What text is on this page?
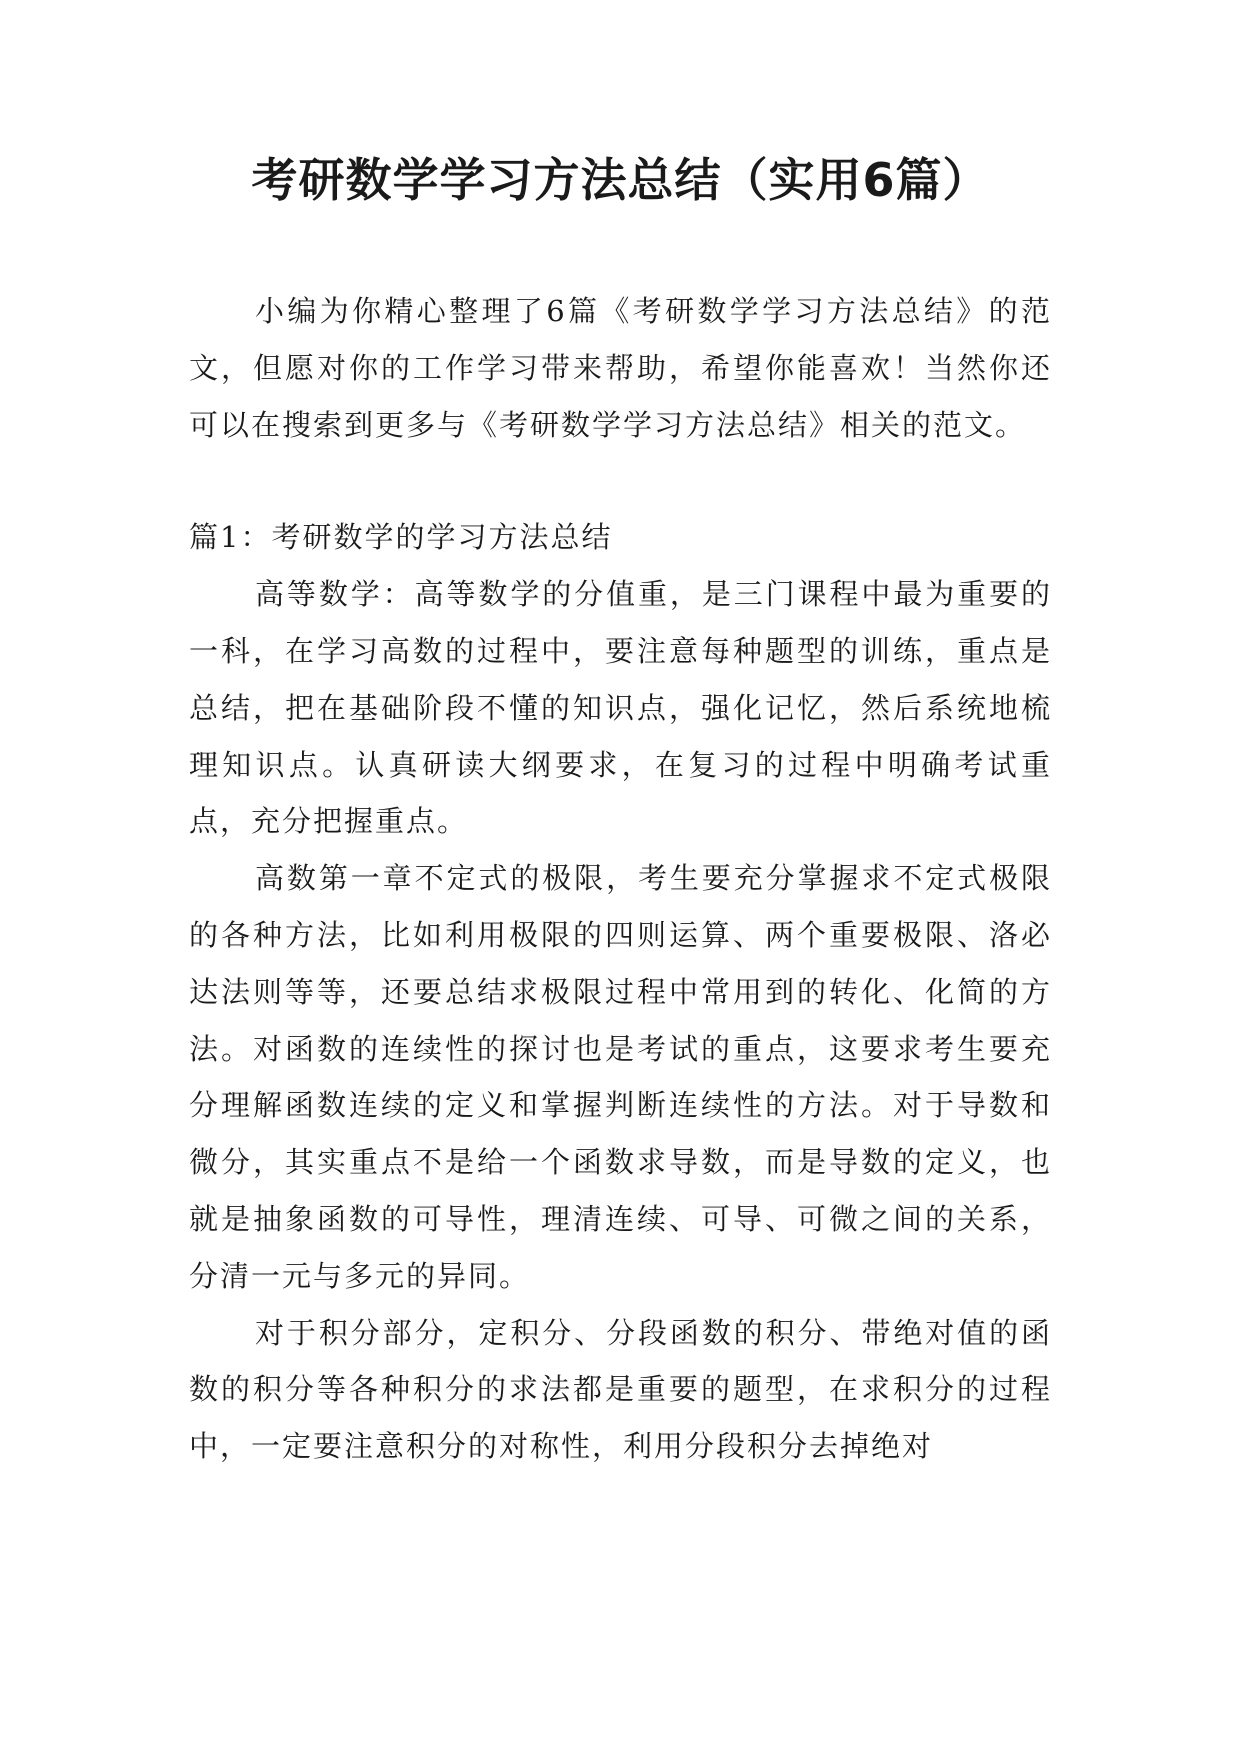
考研数学学习方法总结（实用6篇）

小编为你精心整理了6篇《考研数学学习方法总结》的范文，但愿对你的工作学习带来帮助，希望你能喜欢！当然你还可以在搜索到更多与《考研数学学习方法总结》相关的范文。

篇1：考研数学的学习方法总结

高等数学：高等数学的分值重，是三门课程中最为重要的一科，在学习高数的过程中，要注意每种题型的训练，重点是总结，把在基础阶段不懂的知识点，强化记忆，然后系统地梳理知识点。认真研读大纲要求，在复习的过程中明确考试重点，充分把握重点。

高数第一章不定式的极限，考生要充分掌握求不定式极限的各种方法，比如利用极限的四则运算、两个重要极限、洛必达法则等等，还要总结求极限过程中常用到的转化、化简的方法。对函数的连续性的探讨也是考试的重点，这要求考生要充分理解函数连续的定义和掌握判断连续性的方法。对于导数和微分，其实重点不是给一个函数求导数，而是导数的定义，也就是抽象函数的可导性，理清连续、可导、可微之间的关系，分清一元与多元的异同。

对于积分部分，定积分、分段函数的积分、带绝对值的函数的积分等各种积分的求法都是重要的题型，在求积分的过程中，一定要注意积分的对称性，利用分段积分去掉绝对
